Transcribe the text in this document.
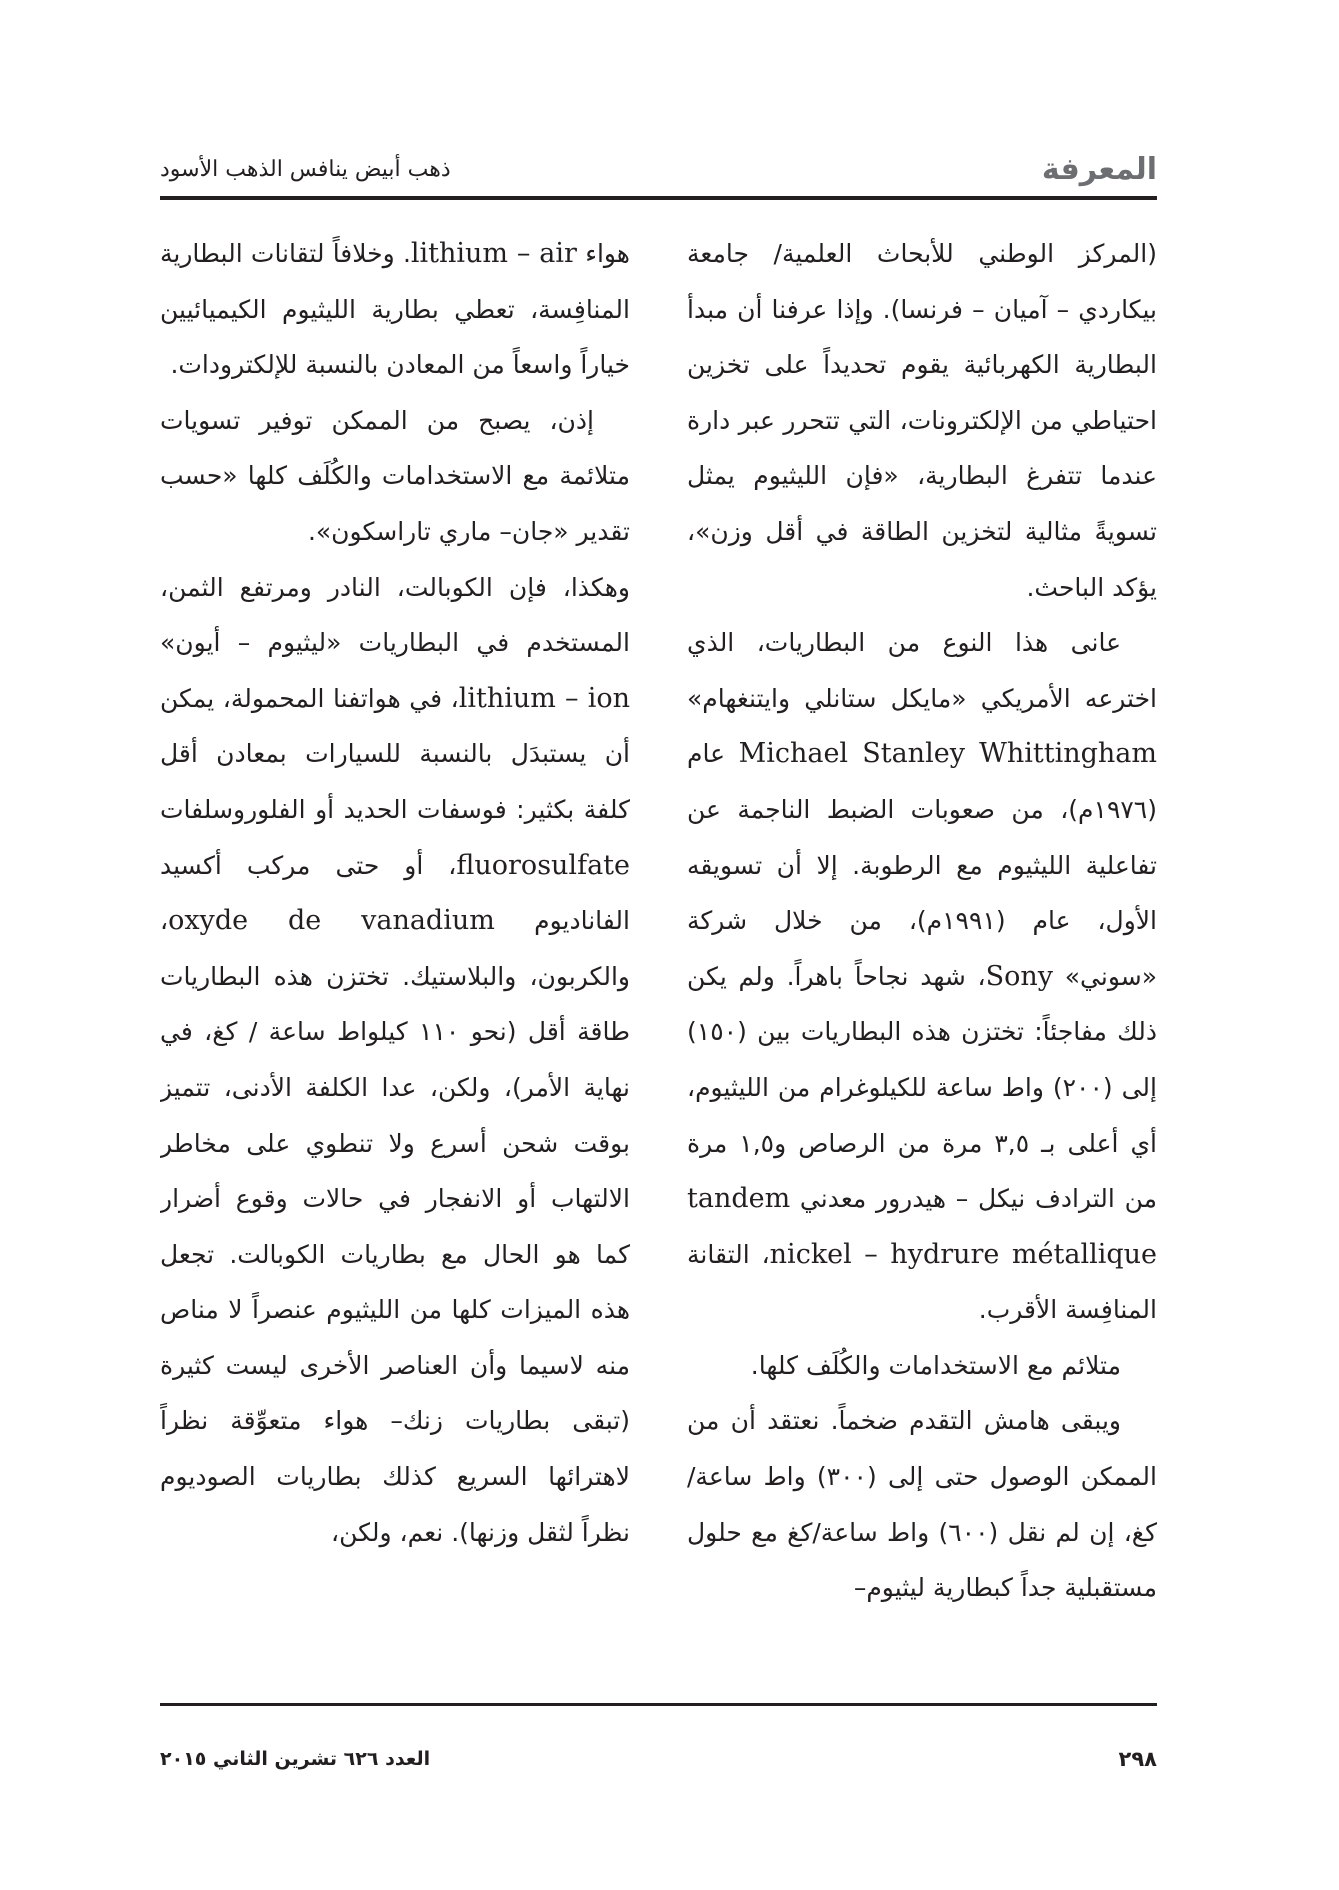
المعرفة
ذهب أبيض ينافس الذهب الأسود

(المركز الوطني للأبحاث العلمية/ جامعة بيكاردي – آميان – فرنسا). وإذا عرفنا أن مبدأ البطارية الكهربائية يقوم تحديداً على تخزين احتياطي من الإلكترونات، التي تتحرر عبر دارة عندما تتفرغ البطارية، «فإن الليثيوم يمثل تسويةً مثالية لتخزين الطاقة في أقل وزن»، يؤكد الباحث.

عانى هذا النوع من البطاريات، الذي اخترعه الأمريكي «مايكل ستانلي وايتنغهام» Michael Stanley Whittingham عام (١٩٧٦م)، من صعوبات الضبط الناجمة عن تفاعلية الليثيوم مع الرطوبة. إلا أن تسويقه الأول، عام (١٩٩١م)، من خلال شركة «سوني» Sony، شهد نجاحاً باهراً. ولم يكن ذلك مفاجئاً: تختزن هذه البطاريات بين (١٥٠) إلى (٢٠٠) واط ساعة للكيلوغرام من الليثيوم، أي أعلى بـ ٣,٥ مرة من الرصاص و١,٥ مرة من الترادف نيكل – هيدرور معدني tandem nickel – hydrure métallique، التقانة المنافِسة الأقرب.

متلائم مع الاستخدامات والكُلَف كلها.

ويبقى هامش التقدم ضخماً. نعتقد أن من الممكن الوصول حتى إلى (٣٠٠) واط ساعة/ كغ، إن لم نقل (٦٠٠) واط ساعة/كغ مع حلول مستقبلية جداً كبطارية ليثيوم–

هواء lithium – air. وخلافاً لتقانات البطارية المنافِسة، تعطي بطارية الليثيوم الكيميائيين خياراً واسعاً من المعادن بالنسبة للإلكترودات.

إذن، يصبح من الممكن توفير تسويات متلائمة مع الاستخدامات والكُلَف كلها «حسب تقدير «جان– ماري تاراسكون».

وهكذا، فإن الكوبالت، النادر ومرتفع الثمن، المستخدم في البطاريات «ليثيوم – أيون» lithium – ion، في هواتفنا المحمولة، يمكن أن يستبدَل بالنسبة للسيارات بمعادن أقل كلفة بكثير: فوسفات الحديد أو الفلوروسلفات fluorosulfate، أو حتى مركب أكسيد الفاناديوم oxyde de vanadium، والكربون، والبلاستيك. تختزن هذه البطاريات طاقة أقل (نحو ١١٠ كيلواط ساعة / كغ، في نهاية الأمر)، ولكن، عدا الكلفة الأدنى، تتميز بوقت شحن أسرع ولا تنطوي على مخاطر الالتهاب أو الانفجار في حالات وقوع أضرار كما هو الحال مع بطاريات الكوبالت. تجعل هذه الميزات كلها من الليثيوم عنصراً لا مناص منه لاسيما وأن العناصر الأخرى ليست كثيرة (تبقى بطاريات زنك– هواء متعوِّقة نظراً لاهترائها السريع كذلك بطاريات الصوديوم نظراً لثقل وزنها). نعم، ولكن،

٢٩٨
العدد ٦٢٦ تشرين الثاني ٢٠١٥
